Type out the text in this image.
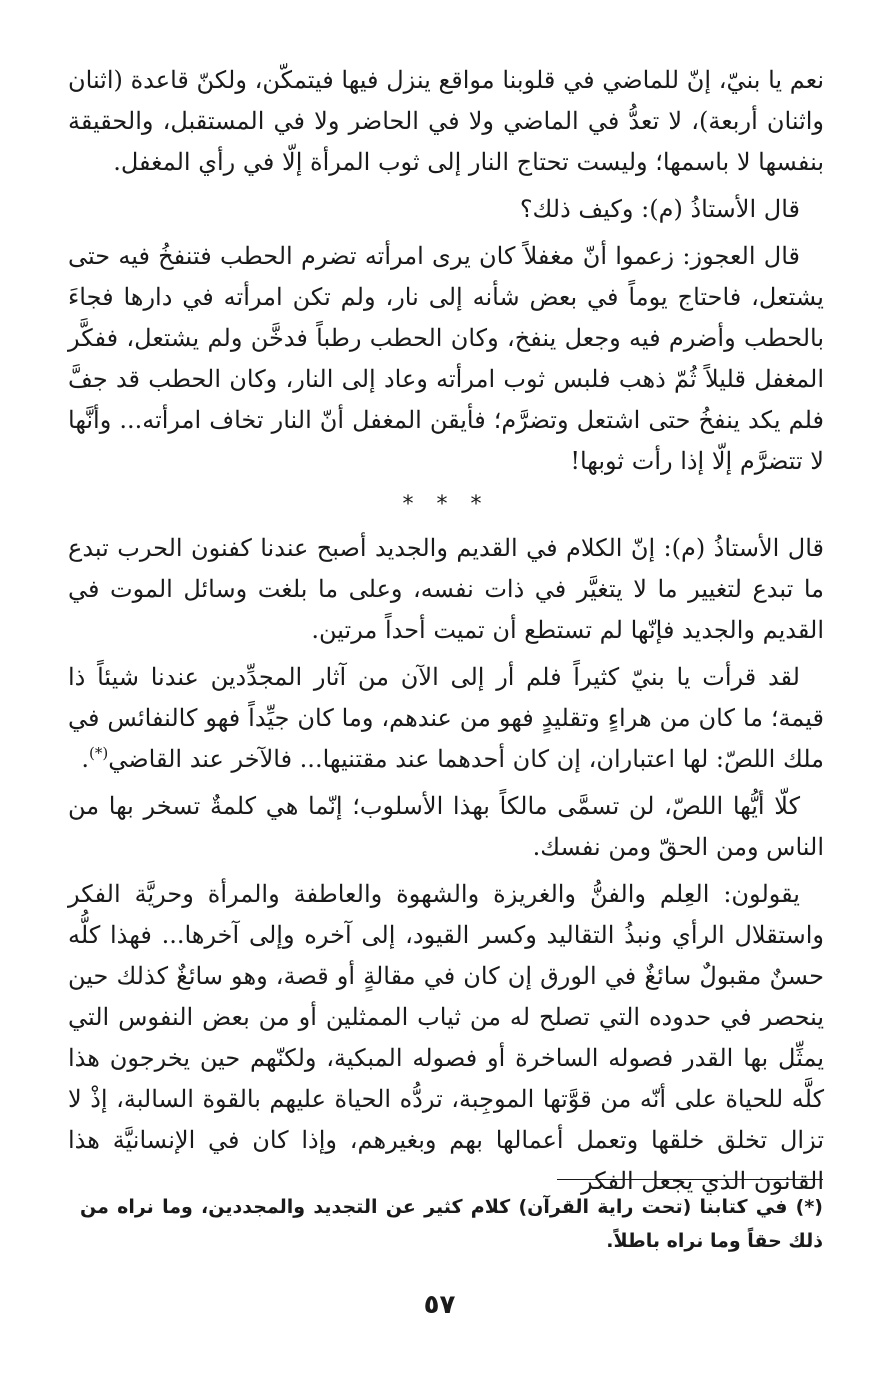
نعم يا بنيّ، إنّ للماضي في قلوبنا مواقع ينزل فيها فيتمكّن، ولكنّ قاعدة (اثنان واثنان أربعة)، لا تعدُّ في الماضي ولا في الحاضر ولا في المستقبل، والحقيقة بنفسها لا باسمها؛ وليست تحتاج النار إلى ثوب المرأة إلّا في رأي المغفل.

قال الأستاذُ (م): وكيف ذلك؟

قال العجوز: زعموا أنّ مغفلاً كان يرى امرأته تضرم الحطب فتنفخُ فيه حتى يشتعل، فاحتاج يوماً في بعض شأنه إلى نار، ولم تكن امرأته في دارها فجاءَ بالحطب وأضرم فيه وجعل ينفخ، وكان الحطب رطباً فدخَّن ولم يشتعل، ففكَّر المغفل قليلاً ثُمّ ذهب فلبس ثوب امرأته وعاد إلى النار، وكان الحطب قد جفَّ فلم يكد ينفخُ حتى اشتعل وتضرَّم؛ فأيقن المغفل أنّ النار تخاف امرأته... وأنَّها لا تتضرَّم إلّا إذا رأت ثوبها!

* * *

قال الأستاذُ (م): إنّ الكلام في القديم والجديد أصبح عندنا كفنون الحرب تبدع ما تبدع لتغيير ما لا يتغيَّر في ذات نفسه، وعلى ما بلغت وسائل الموت في القديم والجديد فإنّها لم تستطع أن تميت أحداً مرتين.

لقد قرأت يا بنيّ كثيراً فلم أر إلى الآن من آثار المجدِّدين عندنا شيئاً ذا قيمة؛ ما كان من هراءٍ وتقليدٍ فهو من عندهم، وما كان جيِّداً فهو كالنفائس في ملك اللصّ: لها اعتباران، إن كان أحدهما عند مقتنيها... فالآخر عند القاضي(*).

كلّا أيُّها اللصّ، لن تسمَّى مالكاً بهذا الأسلوب؛ إنّما هي كلمةٌ تسخر بها من الناس ومن الحقّ ومن نفسك.

يقولون: العِلم والفنُّ والغريزة والشهوة والعاطفة والمرأة وحريَّة الفكر واستقلال الرأي ونبذُ التقاليد وكسر القيود، إلى آخره وإلى آخرها... فهذا كلُّه حسنٌ مقبولٌ سائغٌ في الورق إن كان في مقالةٍ أو قصة، وهو سائغٌ كذلك حين ينحصر في حدوده التي تصلح له من ثياب الممثلين أو من بعض النفوس التي يمثِّل بها القدر فصوله الساخرة أو فصوله المبكية، ولكنّهم حين يخرجون هذا كلَّه للحياة على أنّه من قوَّتها الموجِبة، تردُّه الحياة عليهم بالقوة السالبة، إذْ لا تزال تخلق خلقها وتعمل أعمالها بهم وبغيرهم، وإذا كان في الإنسانيَّة هذا القانون الذي يجعل الفكر

(*) في كتابنا (تحت راية القرآن) كلام كثير عن التجديد والمجددين، وما نراه من ذلك حقاً وما نراه باطلاً.
٥٧
